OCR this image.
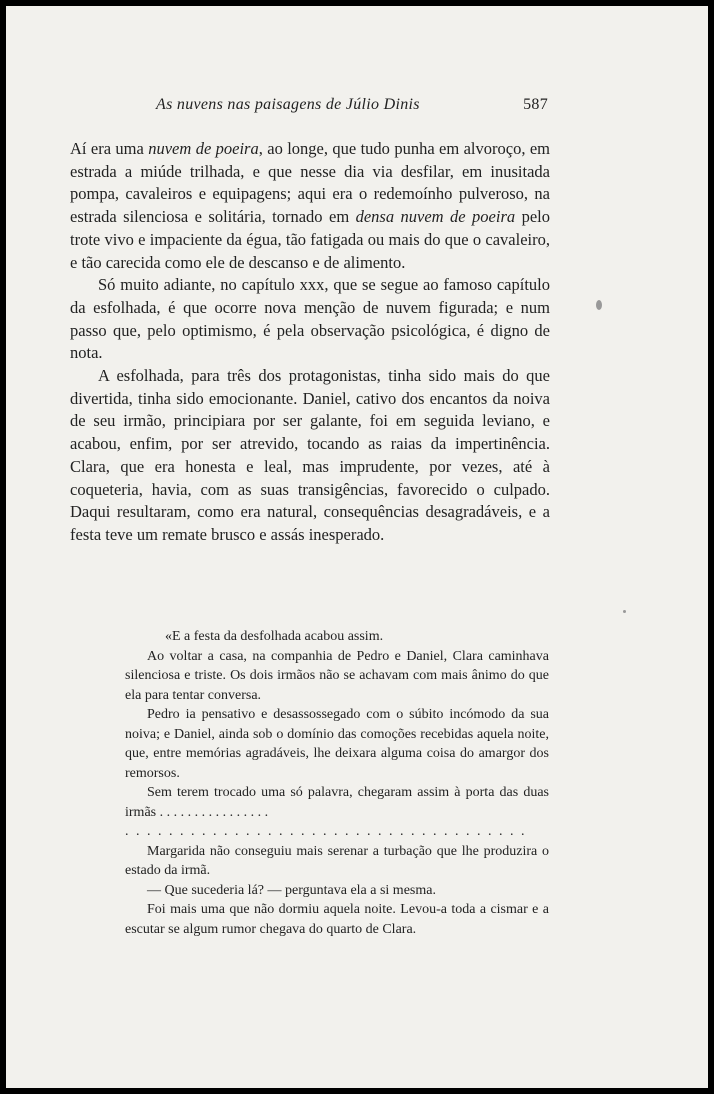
As nuvens nas paisagens de Júlio Dinis	587

Aí era uma nuvem de poeira, ao longe, que tudo punha em alvoroço, em estrada a miúde trilhada, e que nesse dia via desfilar, em inusitada pompa, cavaleiros e equipagens; aqui era o redemoínho pulveroso, na estrada silenciosa e solitária, tornado em densa nuvem de poeira pelo trote vivo e impaciente da égua, tão fatigada ou mais do que o cavaleiro, e tão carecida como ele de descanso e de alimento.

Só muito adiante, no capítulo xxx, que se segue ao famoso capítulo da esfolhada, é que ocorre nova menção de nuvem figurada; e num passo que, pelo optimismo, é pela observação psicológica, é digno de nota.

A esfolhada, para três dos protagonistas, tinha sido mais do que divertida, tinha sido emocionante. Daniel, cativo dos encantos da noiva de seu irmão, principiara por ser galante, foi em seguida leviano, e acabou, enfim, por ser atrevido, tocando as raias da impertinência. Clara, que era honesta e leal, mas imprudente, por vezes, até à coqueteria, havia, com as suas transigências, favorecido o culpado. Daqui resultaram, como era natural, consequências desagradáveis, e a festa teve um remate brusco e assás inesperado.

«E a festa da desfolhada acabou assim.

Ao voltar a casa, na companhia de Pedro e Daniel, Clara caminhava silenciosa e triste. Os dois irmãos não se achavam com mais ânimo do que ela para tentar conversa.

Pedro ia pensativo e desassossegado com o súbito incómodo da sua noiva; e Daniel, ainda sob o domínio das comoções recebidas aquela noite, que, entre memórias agradáveis, lhe deixara alguma coisa do amargor dos remorsos.

Sem terem trocado uma só palavra, chegaram assim à porta das duas irmãs . . . . . . . . . . . . . . . .

. . . . . . . . . . . . . . . . . . . . . . . . . . . . . . . . . . . . .

Margarida não conseguiu mais serenar a turbação que lhe produzira o estado da irmã.

— Que sucederia lá? — perguntava ela a si mesma.

Foi mais uma que não dormiu aquela noite. Levou-a toda a cismar e a escutar se algum rumor chegava do quarto de Clara.
